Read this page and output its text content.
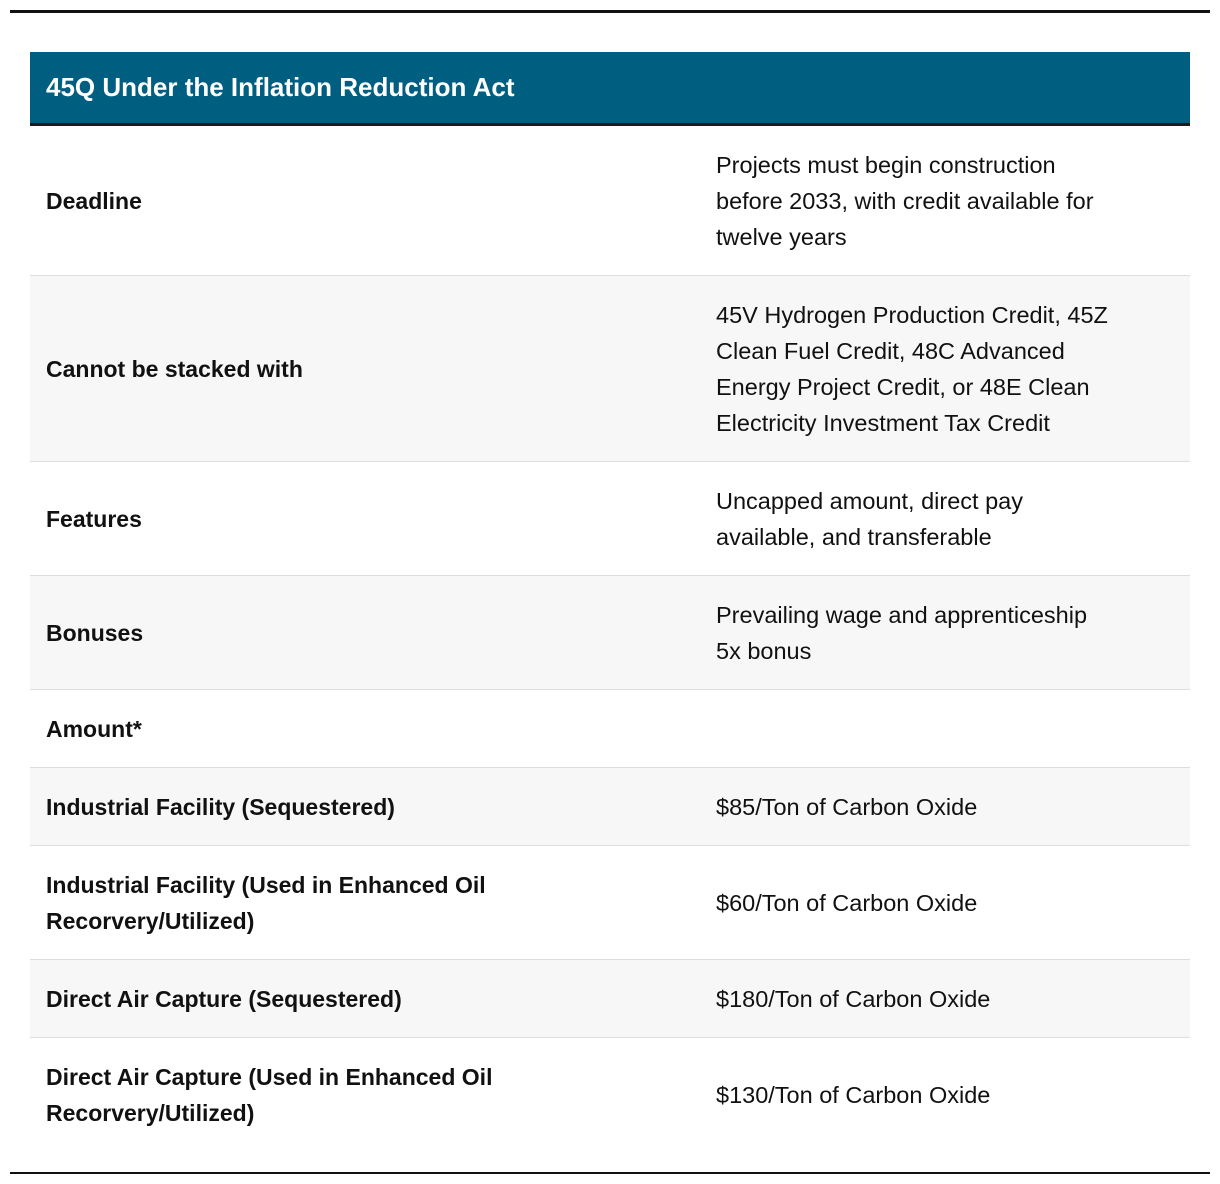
45Q Under the Inflation Reduction Act
Deadline
Projects must begin construction
before 2033, with credit available for
twelve years
Cannot be stacked with
45V Hydrogen Production Credit, 45Z
Clean Fuel Credit, 48C Advanced
Energy Project Credit, or 48E Clean
Electricity Investment Tax Credit
Features
Uncapped amount, direct pay
available, and transferable
Bonuses
Prevailing wage and apprenticeship
5x bonus
Amount*
Industrial Facility (Sequestered)	$85/Ton of Carbon Oxide
Industrial Facility (Used in Enhanced Oil
Recorvery/Utilized)
$60/Ton of Carbon Oxide
Direct Air Capture (Sequestered)	$180/Ton of Carbon Oxide
Direct Air Capture (Used in Enhanced Oil
Recorvery/Utilized)
$130/Ton of Carbon Oxide
